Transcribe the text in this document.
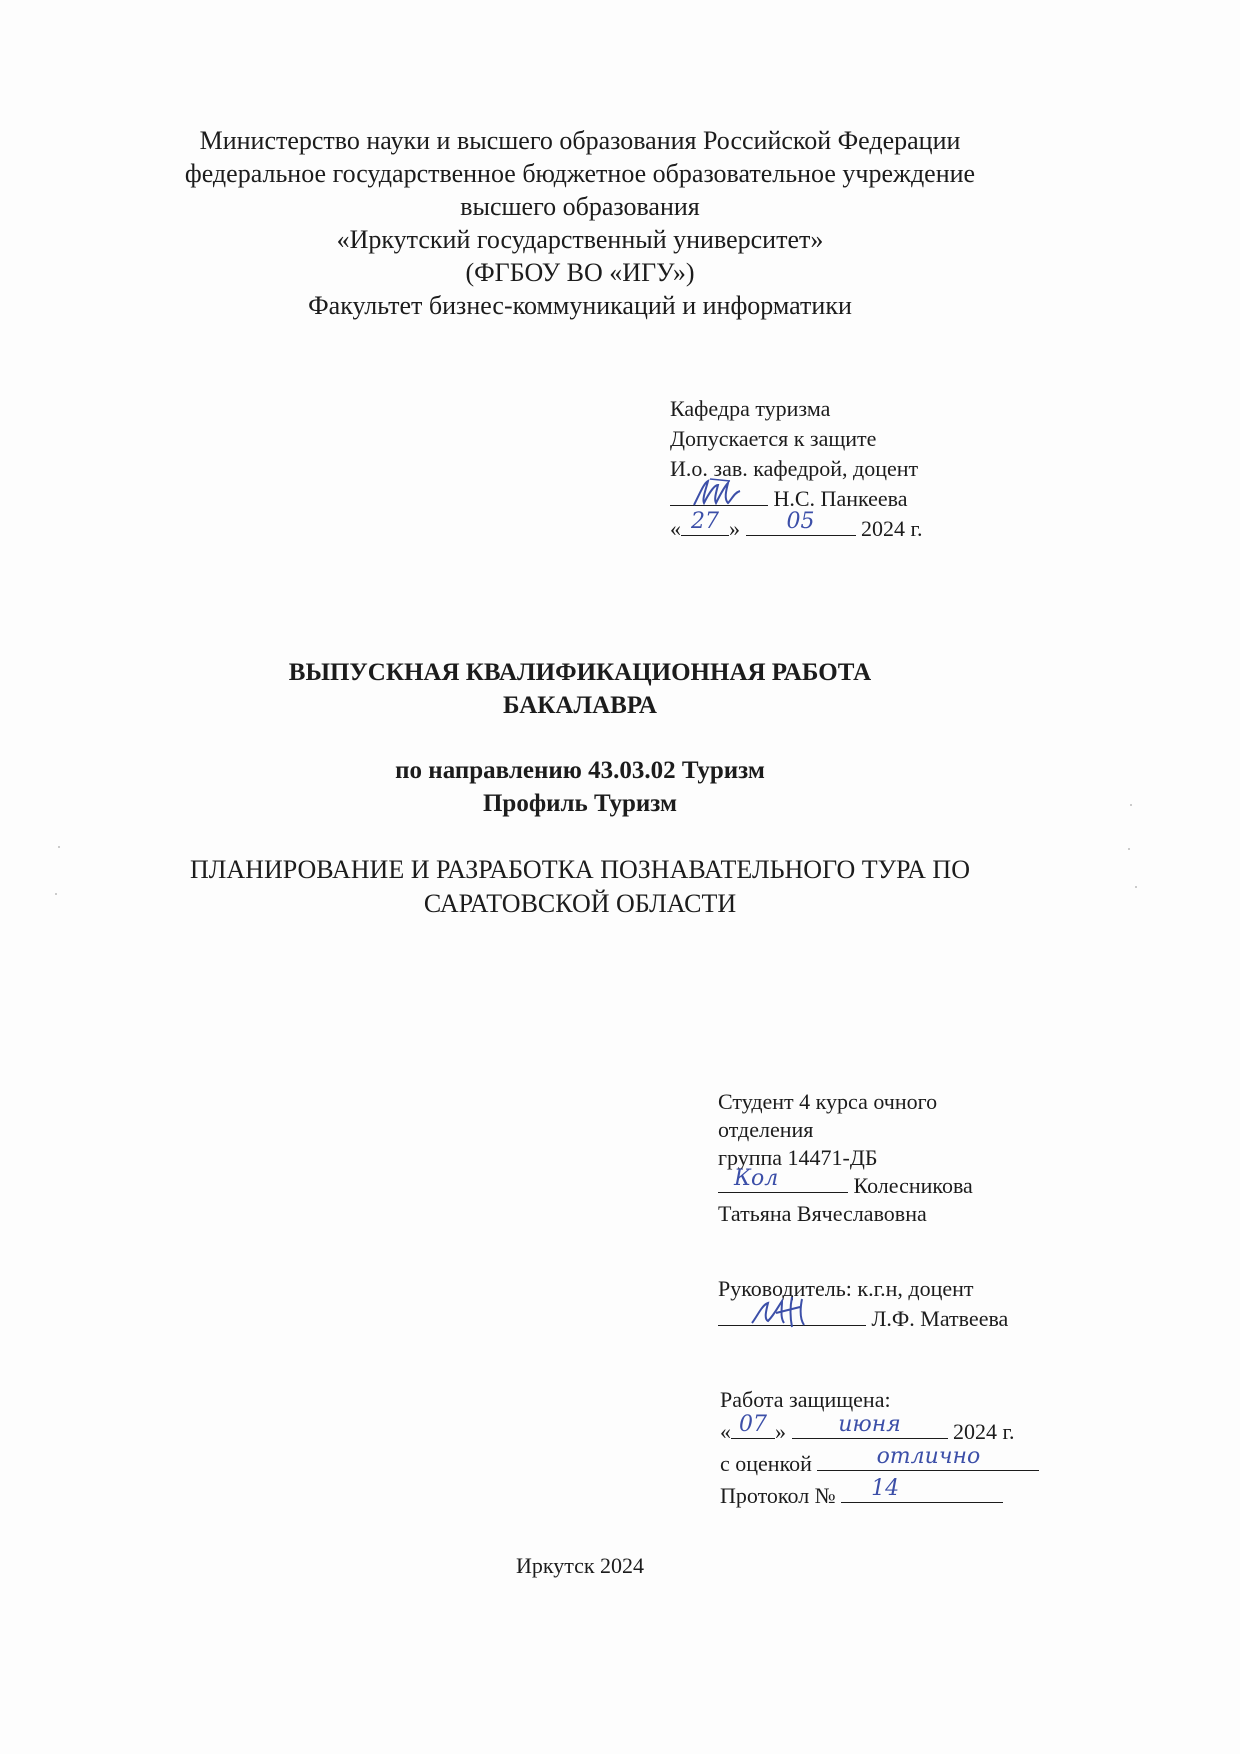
Министерство науки и высшего образования Российской Федерации
федеральное государственное бюджетное образовательное учреждение
высшего образования
«Иркутский государственный университет»
(ФГБОУ ВО «ИГУ»)
Факультет бизнес-коммуникаций и информатики
Кафедра туризма
Допускается к защите
И.о. зав. кафедрой, доцент
Н.С. Панкеева
« 27 »	05	2024 г.
ВЫПУСКНАЯ КВАЛИФИКАЦИОННАЯ РАБОТА
БАКАЛАВРА
по направлению 43.03.02 Туризм
Профиль Туризм
ПЛАНИРОВАНИЕ И РАЗРАБОТКА ПОЗНАВАТЕЛЬНОГО ТУРА ПО
САРАТОВСКОЙ ОБЛАСТИ
Студент 4 курса очного
отделения
группа 14471-ДБ
Кол	Колесникова
Татьяна Вячеславовна
Руководитель: к.г.н, доцент
Л.Ф. Матвеева
Работа защищена:
« 07 »	июня	2024 г.
с оценкой	отлично
Протокол № 14
Иркутск 2024
